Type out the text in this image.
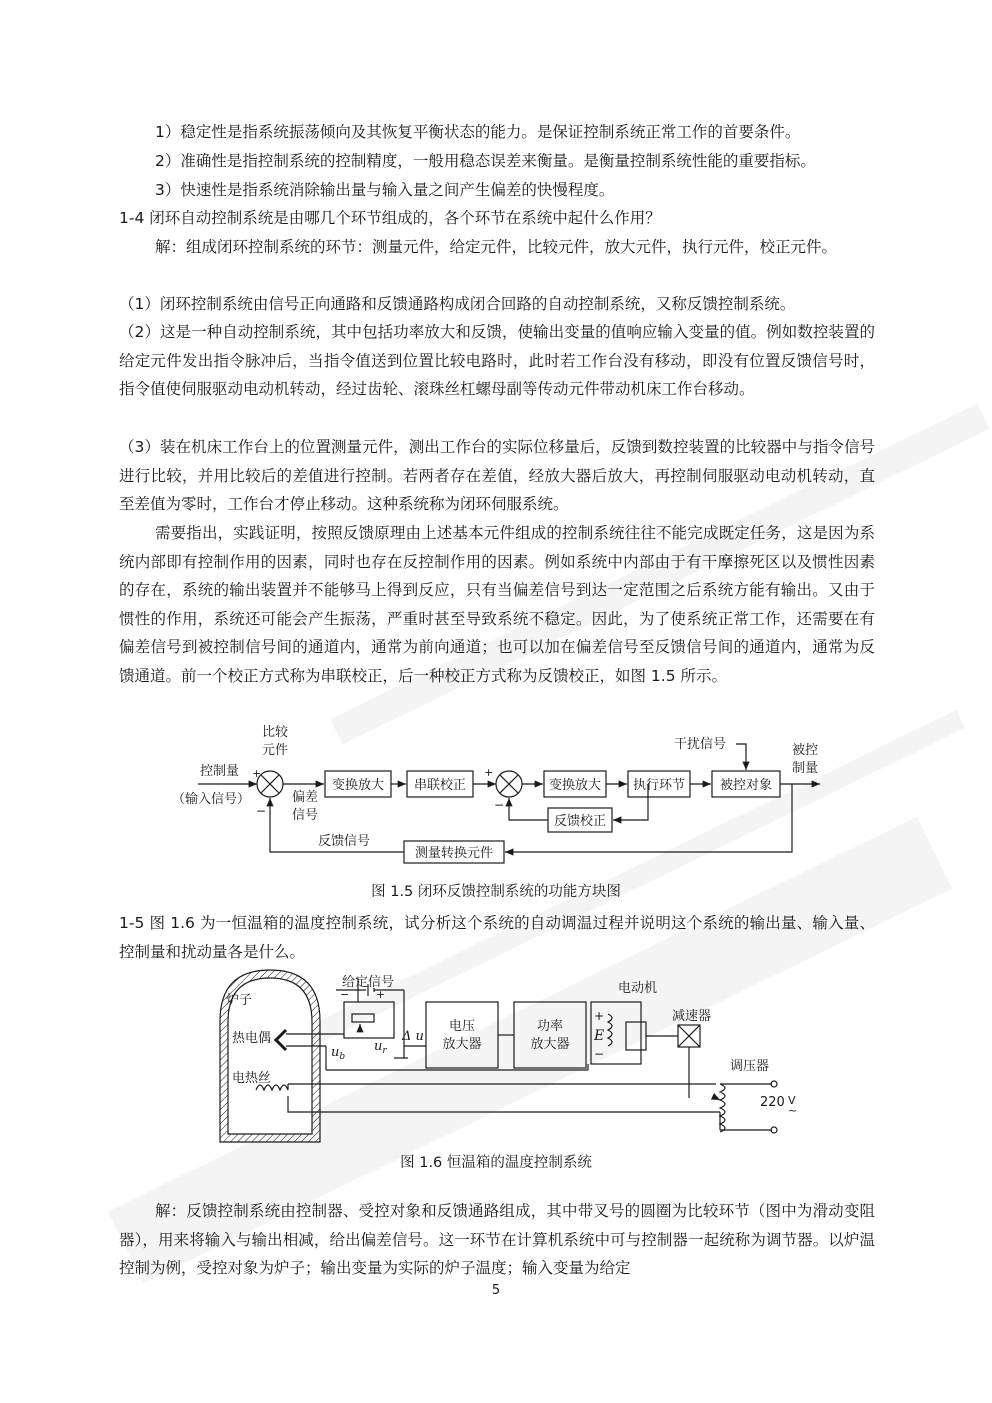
1）稳定性是指系统振荡倾向及其恢复平衡状态的能力。是保证控制系统正常工作的首要条件。

2）准确性是指控制系统的控制精度，一般用稳态误差来衡量。是衡量控制系统性能的重要指标。

3）快速性是指系统消除输出量与输入量之间产生偏差的快慢程度。

1-4 闭环自动控制系统是由哪几个环节组成的，各个环节在系统中起什么作用？

解：组成闭环控制系统的环节：测量元件，给定元件，比较元件，放大元件，执行元件，校正元件。

（1）闭环控制系统由信号正向通路和反馈通路构成闭合回路的自动控制系统，又称反馈控制系统。

（2）这是一种自动控制系统，其中包括功率放大和反馈，使输出变量的值响应输入变量的值。例如数控装置的给定元件发出指令脉冲后，当指令值送到位置比较电路时，此时若工作台没有移动，即没有位置反馈信号时，指令值使伺服驱动电动机转动，经过齿轮、滚珠丝杠螺母副等传动元件带动机床工作台移动。

（3）装在机床工作台上的位置测量元件，测出工作台的实际位移量后，反馈到数控装置的比较器中与指令信号进行比较，并用比较后的差值进行控制。若两者存在差值，经放大器后放大，再控制伺服驱动电动机转动，直至差值为零时，工作台才停止移动。这种系统称为闭环伺服系统。

需要指出，实践证明，按照反馈原理由上述基本元件组成的控制系统往往不能完成既定任务，这是因为系统内部即有控制作用的因素，同时也存在反控制作用的因素。例如系统中内部由于有干摩擦死区以及惯性因素的存在，系统的输出装置并不能够马上得到反应，只有当偏差信号到达一定范围之后系统方能有输出。又由于惯性的作用，系统还可能会产生振荡，严重时甚至导致系统不稳定。因此，为了使系统正常工作，还需要在有偏差信号到被控制信号间的通道内，通常为前向通道；也可以加在偏差信号至反馈信号间的通道内，通常为反馈通道。前一个校正方式称为串联校正，后一种校正方式称为反馈校正，如图 1.5 所示。

比较
元件
控制量 +
（输入信号）
−
偏差
信号
变换放大 串联校正
+
−
变换放大 执行环节	被控对象
反馈校正
测量转换元件
干扰信号	被控
制量
反馈信号
图 1.5 闭环反馈控制系统的功能方块图

1-5 图 1.6 为一恒温箱的温度控制系统，试分析这个系统的自动调温过程并说明这个系统的输出量、输入量、控制量和扰动量各是什么。

炉子
给定信号
热电偶
电热丝
− +
$u_b$
$u_r$
Δ u
电压
放大器
功率
放大器
+
−
E
电动机
减速器
调压器
220 V
~
图 1.6 恒温箱的温度控制系统

解：反馈控制系统由控制器、受控对象和反馈通路组成，其中带叉号的圆圈为比较环节（图中为滑动变阻器），用来将输入与输出相减，给出偏差信号。这一环节在计算机系统中可与控制器一起统称为调节器。以炉温控制为例，受控对象为炉子；输出变量为实际的炉子温度；输入变量为给定

5
